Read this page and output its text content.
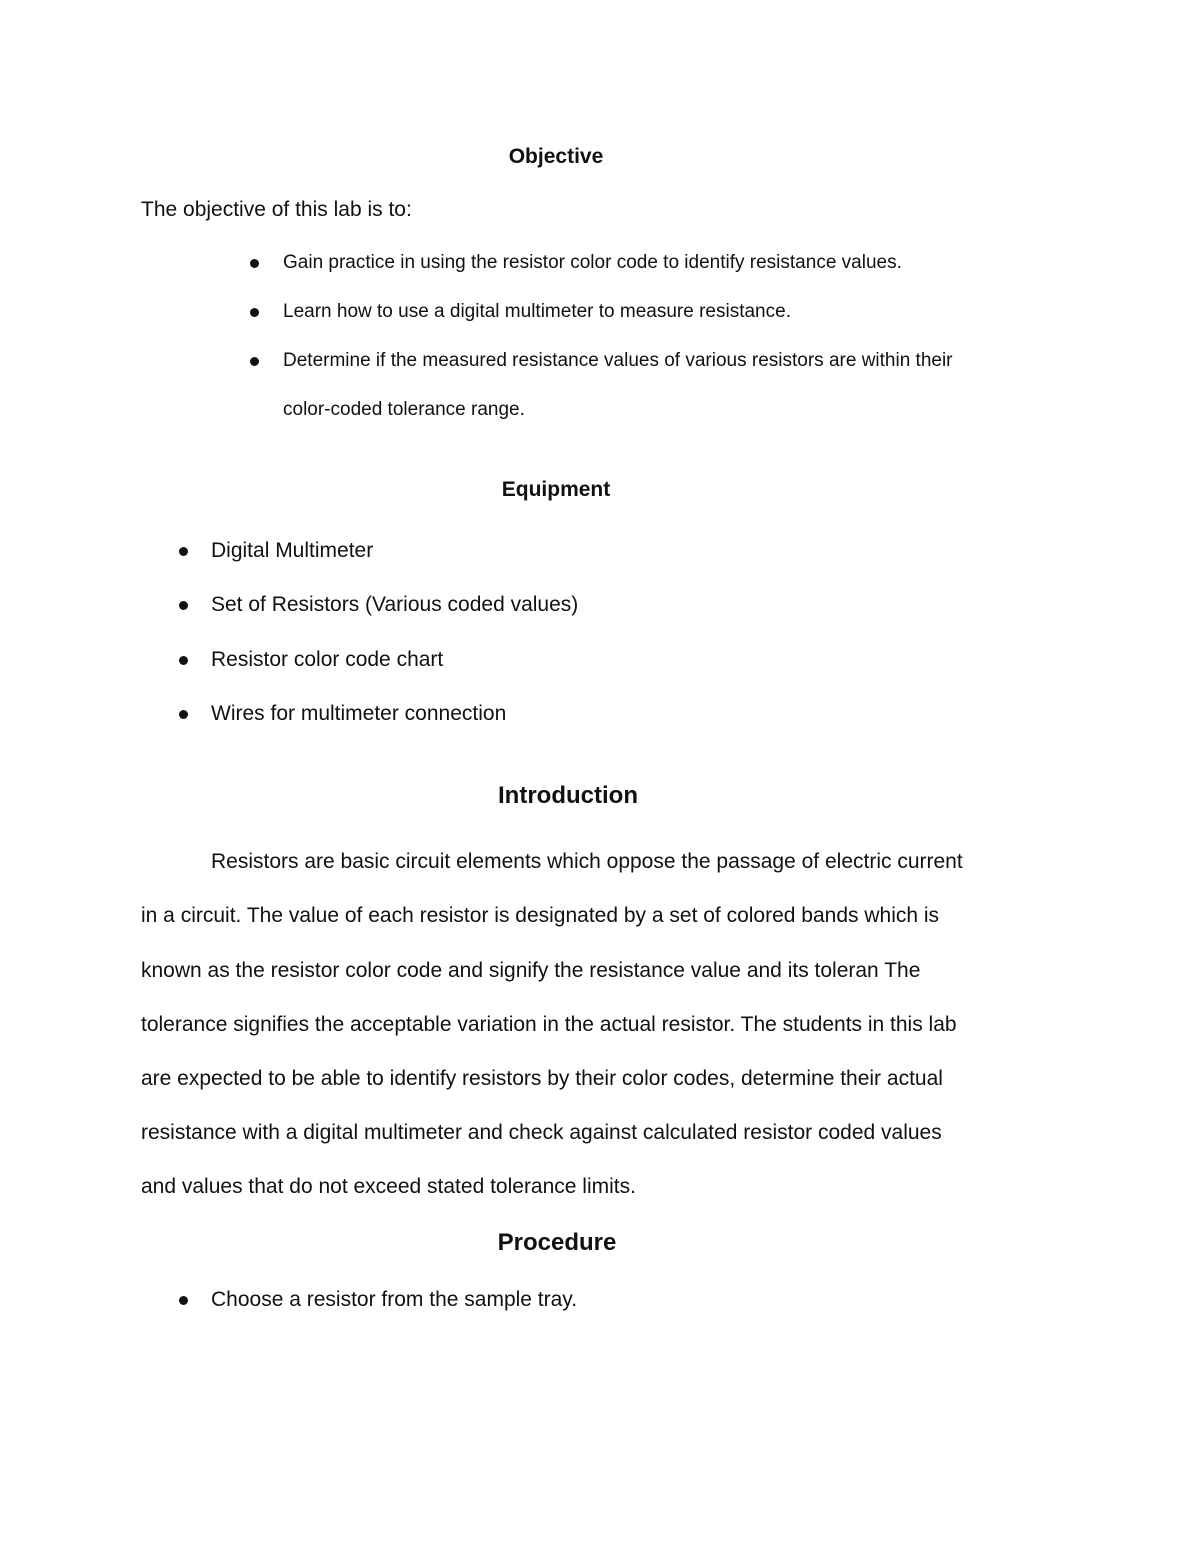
Objective

The objective of this lab is to:

Gain practice in using the resistor color code to identify resistance values.

Learn how to use a digital multimeter to measure resistance.

Determine if the measured resistance values of various resistors are within their

color-coded tolerance range.

Equipment

Digital Multimeter

Set of Resistors (Various coded values)

Resistor color code chart

Wires for multimeter connection

Introduction

Resistors are basic circuit elements which oppose the passage of electric current

in a circuit. The value of each resistor is designated by a set of colored bands which is

known as the resistor color code and signify the resistance value and its toleran The

tolerance signifies the acceptable variation in the actual resistor. The students in this lab

are expected to be able to identify resistors by their color codes, determine their actual

resistance with a digital multimeter and check against calculated resistor coded values

and values that do not exceed stated tolerance limits.

Procedure

Choose a resistor from the sample tray.
